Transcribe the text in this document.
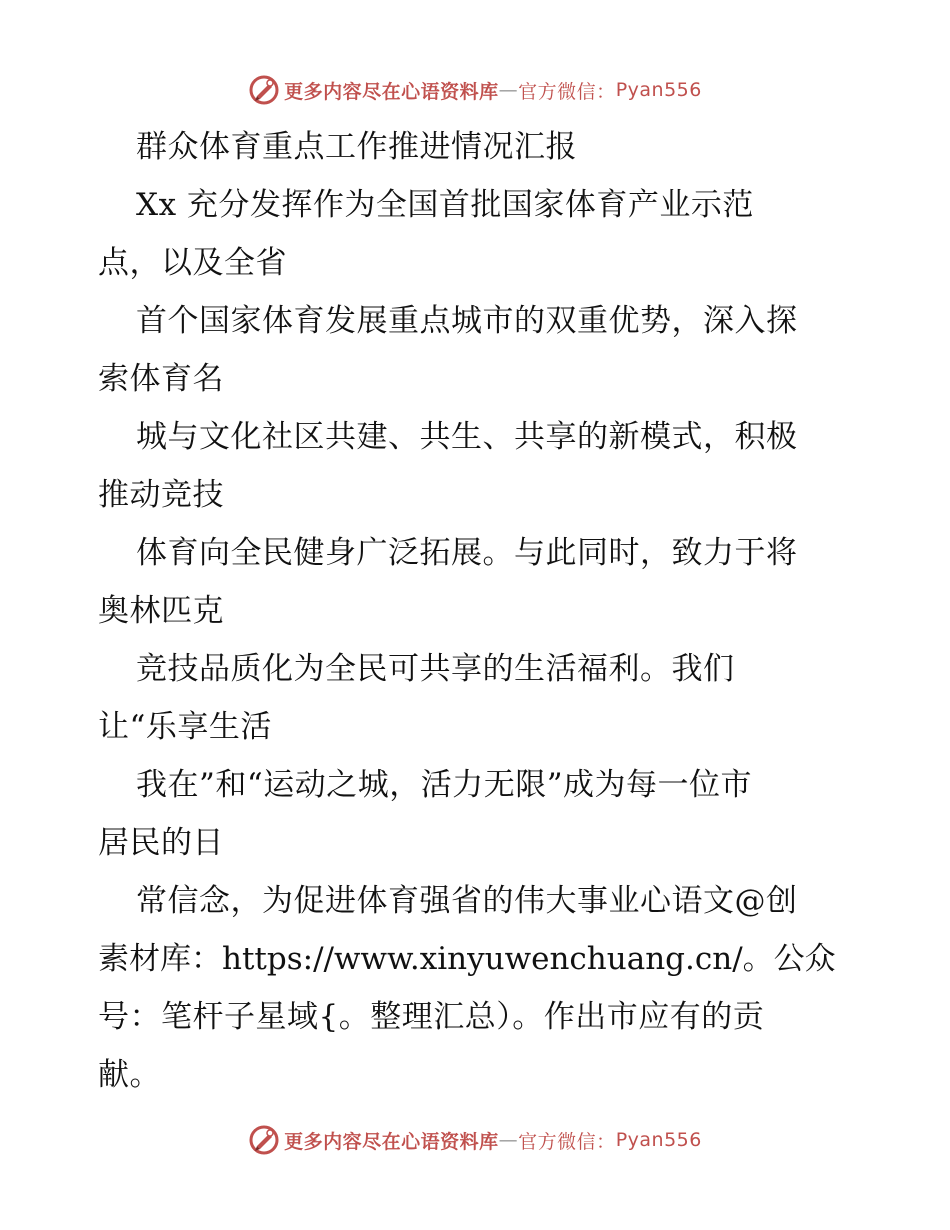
更多内容尽在心语资料库 — 官方微信： Pyan556
群众体育重点工作推进情况汇报
Xx 充分发挥作为全国首批国家体育产业示范
点，以及全省
首个国家体育发展重点城市的双重优势，深入探
索体育名
城与文化社区共建、共生、共享的新模式，积极
推动竞技
体育向全民健身广泛拓展。与此同时，致力于将
奥林匹克
竞技品质化为全民可共享的生活福利。我们
让“乐享生活
我在”和“运动之城，活力无限”成为每一位市
居民的日
常信念，为促进体育强省的伟大事业心语文@创
素材库：https://www.xinyuwenchuang.cn/。公众
号：笔杆子星域{。整理汇总）。作出市应有的贡
献。
更多内容尽在心语资料库 — 官方微信： Pyan556
